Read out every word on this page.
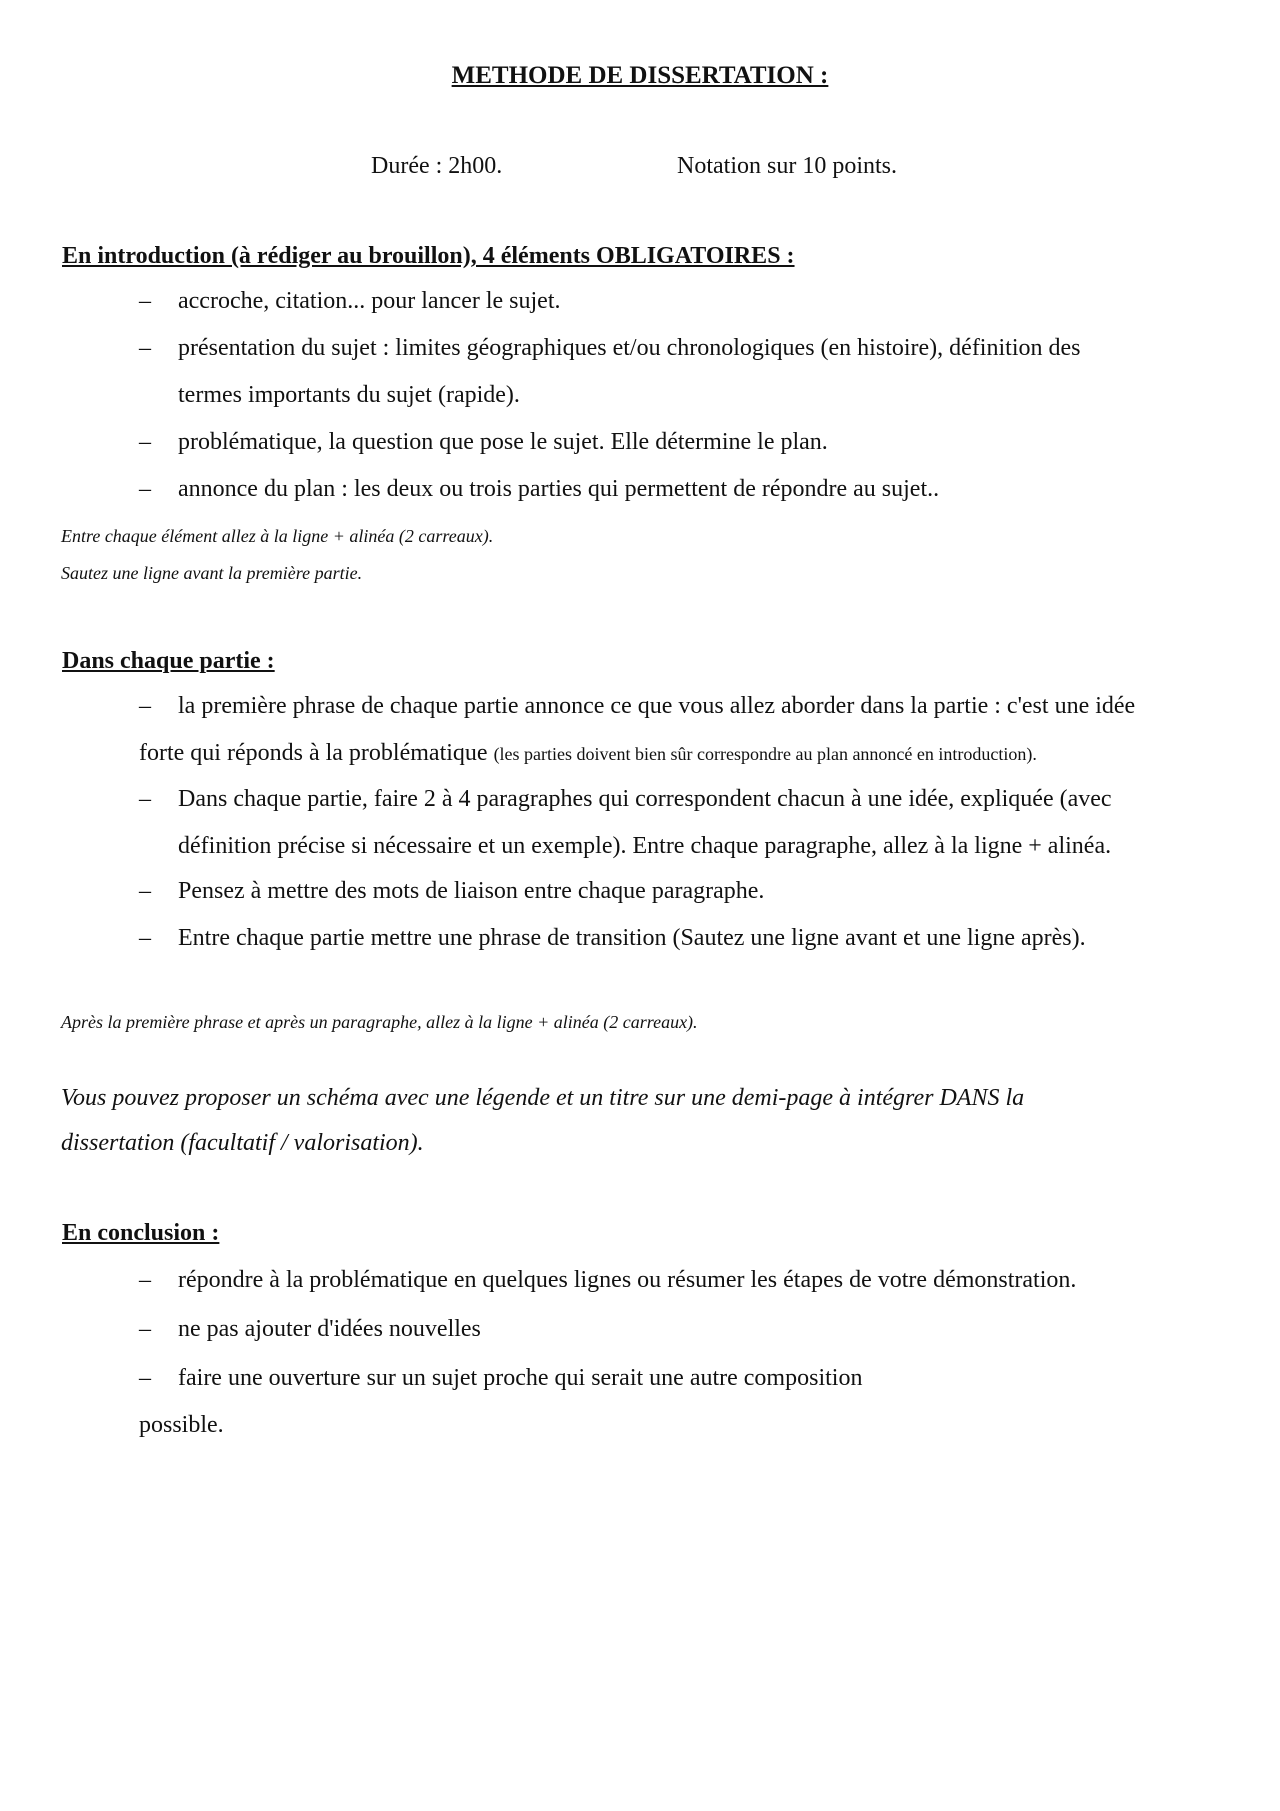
METHODE DE DISSERTATION :
Durée : 2h00.	Notation sur 10 points.
En introduction (à rédiger au brouillon), 4 éléments OBLIGATOIRES :
– accroche, citation... pour lancer le sujet.
– présentation du sujet : limites géographiques et/ou chronologiques (en histoire), définition des
termes importants du sujet (rapide).
– problématique, la question que pose le sujet. Elle détermine le plan.
– annonce du plan : les deux ou trois parties qui permettent de répondre au sujet..
Entre chaque élément allez à la ligne + alinéa (2 carreaux).
Sautez une ligne avant la première partie.
Dans chaque partie :
– la première phrase de chaque partie annonce ce que vous allez aborder dans la partie : c'est une idée
forte qui réponds à la problématique (les parties doivent bien sûr correspondre au plan annoncé en introduction).
– Dans chaque partie, faire 2 à 4 paragraphes qui correspondent chacun à une idée, expliquée (avec
définition précise si nécessaire et un exemple). Entre chaque paragraphe, allez à la ligne + alinéa.
– Pensez à mettre des mots de liaison entre chaque paragraphe.
– Entre chaque partie mettre une phrase de transition (Sautez une ligne avant et une ligne après).
Après la première phrase et après un paragraphe, allez à la ligne + alinéa (2 carreaux).
Vous pouvez proposer un schéma avec une légende et un titre sur une demi-page à intégrer DANS la
dissertation (facultatif / valorisation).
En conclusion :
– répondre à la problématique en quelques lignes ou résumer les étapes de votre démonstration.
– ne pas ajouter d'idées nouvelles
– faire une ouverture sur un sujet proche qui serait une autre composition
possible.
